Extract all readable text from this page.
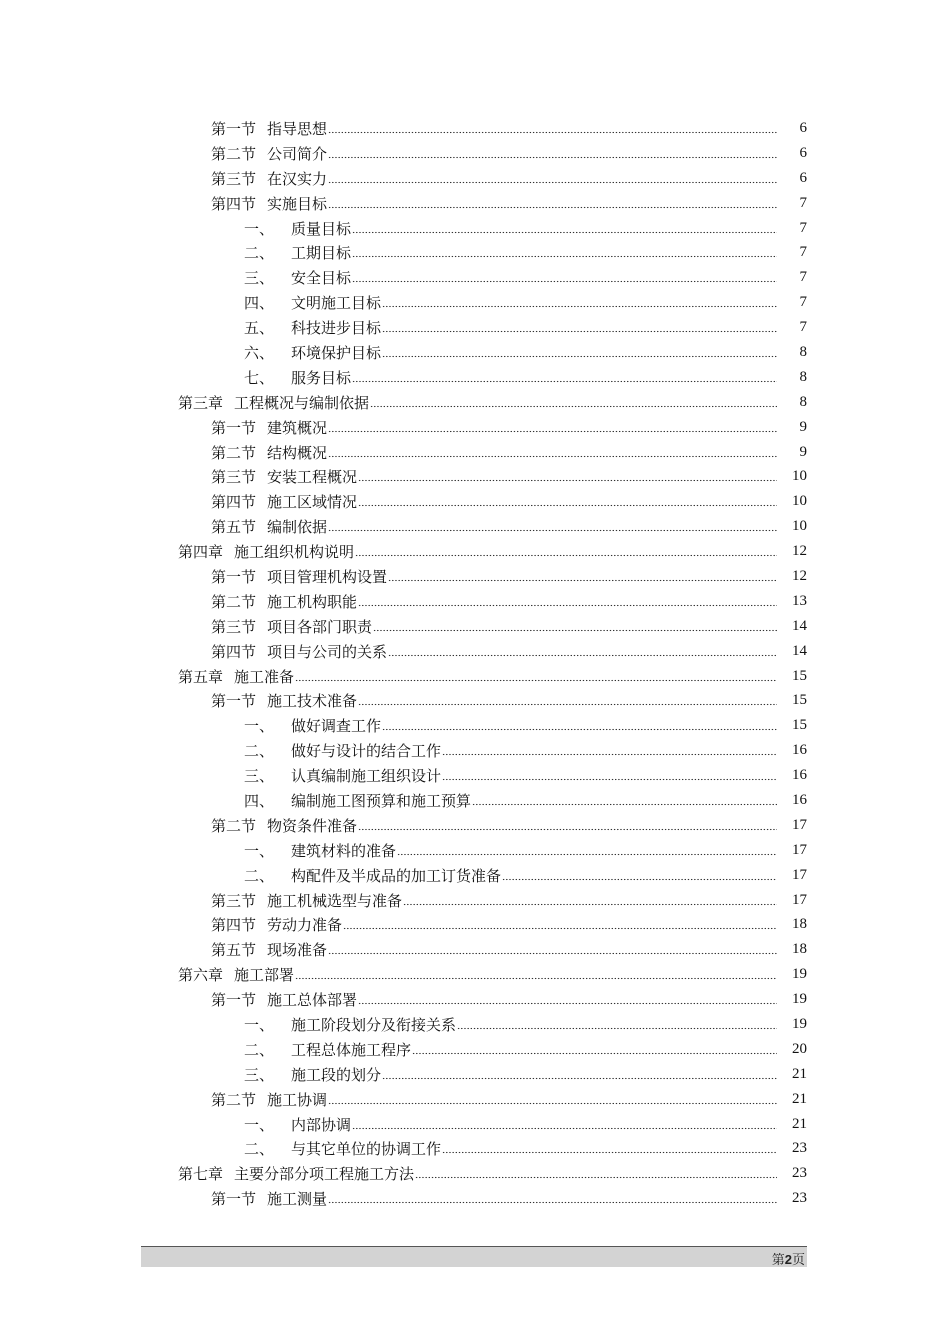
第一节 指导思想	6
第二节 公司简介	6
第三节 在汉实力	6
第四节 实施目标	7
一、 质量目标	7
二、 工期目标	7
三、 安全目标	7
四、 文明施工目标	7
五、 科技进步目标	7
六、 环境保护目标	8
七、 服务目标	8
第三章 工程概况与编制依据	8
第一节 建筑概况	9
第二节 结构概况	9
第三节 安装工程概况	10
第四节 施工区域情况	10
第五节 编制依据	10
第四章 施工组织机构说明	12
第一节 项目管理机构设置	12
第二节 施工机构职能	13
第三节 项目各部门职责	14
第四节 项目与公司的关系	14
第五章 施工准备	15
第一节 施工技术准备	15
一、 做好调查工作	15
二、 做好与设计的结合工作	16
三、 认真编制施工组织设计	16
四、 编制施工图预算和施工预算	16
第二节 物资条件准备	17
一、 建筑材料的准备	17
二、 构配件及半成品的加工订货准备	17
第三节 施工机械选型与准备	17
第四节 劳动力准备	18
第五节 现场准备	18
第六章 施工部署	19
第一节 施工总体部署	19
一、 施工阶段划分及衔接关系	19
二、 工程总体施工程序	20
三、 施工段的划分	21
第二节 施工协调	21
一、 内部协调	21
二、 与其它单位的协调工作	23
第七章 主要分部分项工程施工方法	23
第一节 施工测量	23
第2页
